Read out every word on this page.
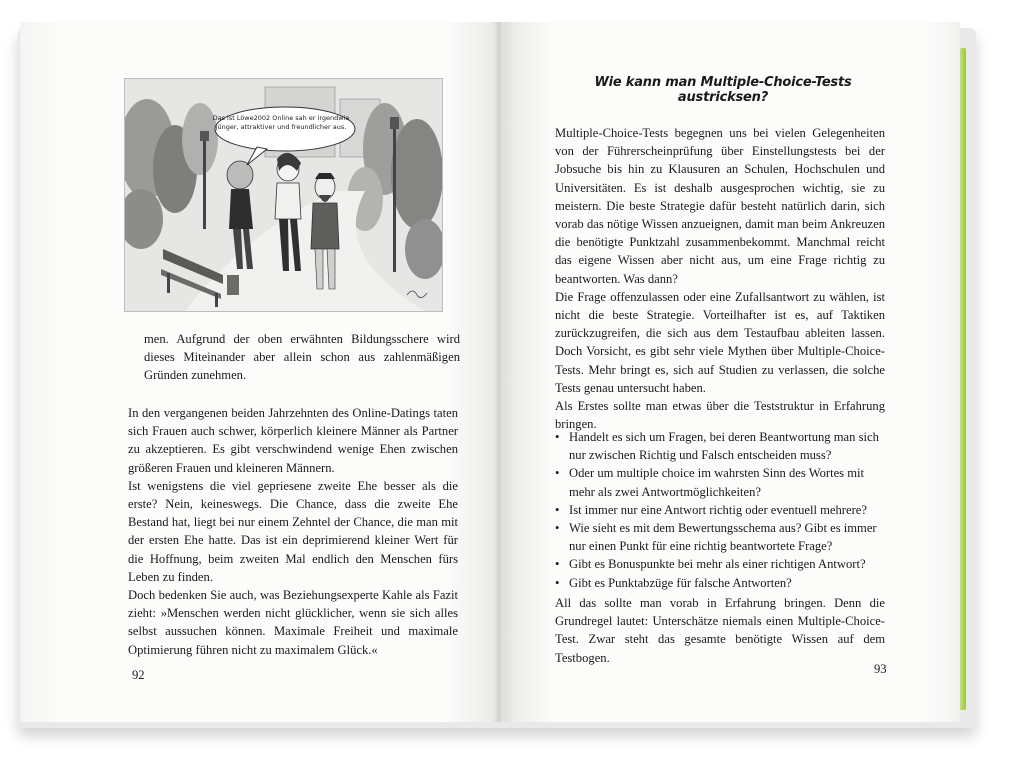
Das ist Löwe2002 Online sah er irgendwie jünger, attraktiver und freundlicher aus.

men. Aufgrund der oben erwähnten Bildungsschere wird dieses Miteinander aber allein schon aus zahlenmäßigen Gründen zunehmen.

In den vergangenen beiden Jahrzehnten des Online-Datings taten sich Frauen auch schwer, körperlich kleinere Männer als Partner zu akzeptieren. Es gibt verschwindend wenige Ehen zwischen größeren Frauen und kleineren Männern.

Ist wenigstens die viel gepriesene zweite Ehe besser als die erste? Nein, keineswegs. Die Chance, dass die zweite Ehe Bestand hat, liegt bei nur einem Zehntel der Chance, die man mit der ersten Ehe hatte. Das ist ein deprimierend kleiner Wert für die Hoffnung, beim zweiten Mal endlich den Menschen fürs Leben zu finden.

Doch bedenken Sie auch, was Beziehungsexperte Kahle als Fazit zieht: »Menschen werden nicht glücklicher, wenn sie sich alles selbst aussuchen können. Maximale Freiheit und maximale Optimierung führen nicht zu maximalem Glück.«

92
Wie kann man Multiple-Choice-Tests austricksen?

Multiple-Choice-Tests begegnen uns bei vielen Gelegenheiten von der Führerscheinprüfung über Einstellungstests bei der Jobsuche bis hin zu Klausuren an Schulen, Hochschulen und Universitäten. Es ist deshalb ausgesprochen wichtig, sie zu meistern. Die beste Strategie dafür besteht natürlich darin, sich vorab das nötige Wissen anzueignen, damit man beim Ankreuzen die benötigte Punktzahl zusammenbekommt. Manchmal reicht das eigene Wissen aber nicht aus, um eine Frage richtig zu beantworten. Was dann?

Die Frage offenzulassen oder eine Zufallsantwort zu wählen, ist nicht die beste Strategie. Vorteilhafter ist es, auf Taktiken zurückzugreifen, die sich aus dem Testaufbau ableiten lassen. Doch Vorsicht, es gibt sehr viele Mythen über Multiple-Choice-Tests. Mehr bringt es, sich auf Studien zu verlassen, die solche Tests genau untersucht haben.

Als Erstes sollte man etwas über die Teststruktur in Erfahrung bringen.

• Handelt es sich um Fragen, bei deren Beantwortung man sich nur zwischen Richtig und Falsch entscheiden muss?
• Oder um multiple choice im wahrsten Sinn des Wortes mit mehr als zwei Antwortmöglichkeiten?
• Ist immer nur eine Antwort richtig oder eventuell mehrere?
• Wie sieht es mit dem Bewertungsschema aus? Gibt es immer nur einen Punkt für eine richtig beantwortete Frage?
• Gibt es Bonuspunkte bei mehr als einer richtigen Antwort?
• Gibt es Punktabzüge für falsche Antworten?

All das sollte man vorab in Erfahrung bringen. Denn die Grundregel lautet: Unterschätze niemals einen Multiple-Choice-Test. Zwar steht das gesamte benötigte Wissen auf dem Testbogen.

93
